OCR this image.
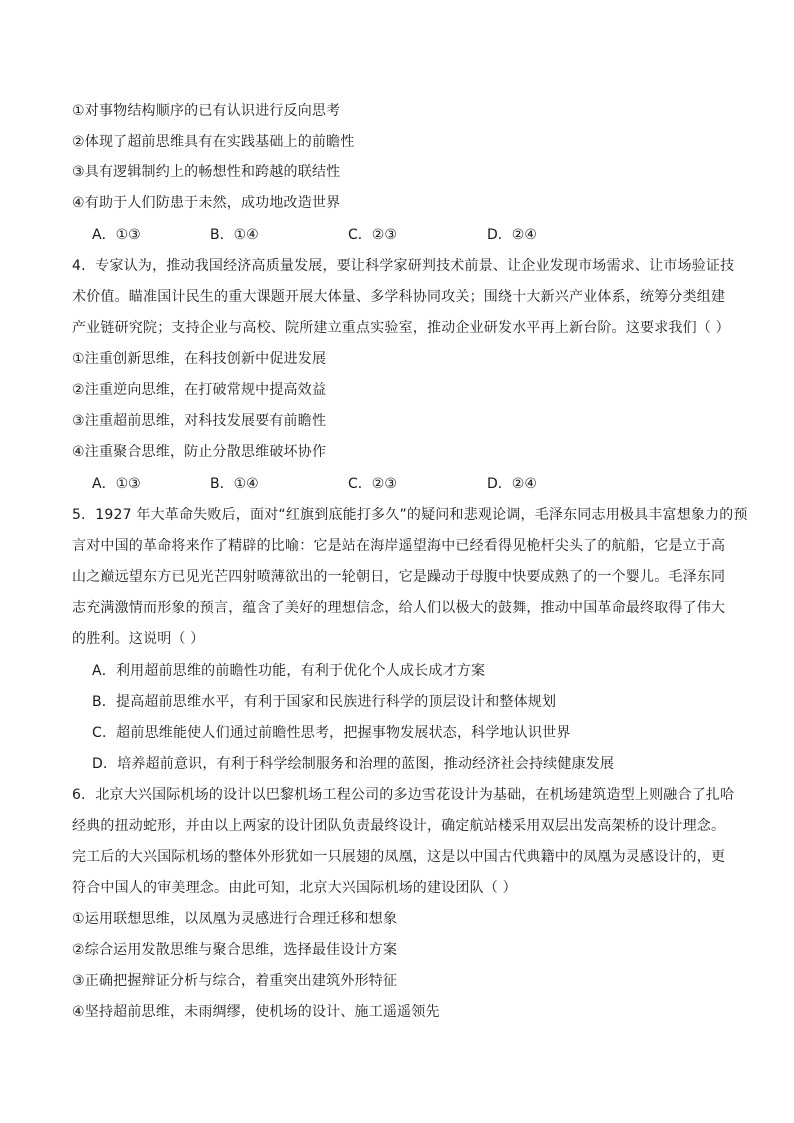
①对事物结构顺序的已有认识进行反向思考
②体现了超前思维具有在实践基础上的前瞻性
③具有逻辑制约上的畅想性和跨越的联结性
④有助于人们防患于未然，成功地改造世界
A．①③	B．①④	C．②③	D．②④
4．专家认为，推动我国经济高质量发展，要让科学家研判技术前景、让企业发现市场需求、让市场验证技
术价值。瞄准国计民生的重大课题开展大体量、多学科协同攻关；围绕十大新兴产业体系，统筹分类组建
产业链研究院；支持企业与高校、院所建立重点实验室，推动企业研发水平再上新台阶。这要求我们（ ）
①注重创新思维，在科技创新中促进发展
②注重逆向思维，在打破常规中提高效益
③注重超前思维，对科技发展要有前瞻性
④注重聚合思维，防止分散思维破坏协作
A．①③	B．①④	C．②③	D．②④
5．1927 年大革命失败后，面对“红旗到底能打多久”的疑问和悲观论调，毛泽东同志用极具丰富想象力的预
言对中国的革命将来作了精辟的比喻：它是站在海岸遥望海中已经看得见桅杆尖头了的航船，它是立于高
山之巅远望东方已见光芒四射喷薄欲出的一轮朝日，它是躁动于母腹中快要成熟了的一个婴儿。毛泽东同
志充满激情而形象的预言，蕴含了美好的理想信念，给人们以极大的鼓舞，推动中国革命最终取得了伟大
的胜利。这说明（ ）
A．利用超前思维的前瞻性功能，有利于优化个人成长成才方案
B．提高超前思维水平，有利于国家和民族进行科学的顶层设计和整体规划
C．超前思维能使人们通过前瞻性思考，把握事物发展状态，科学地认识世界
D．培养超前意识，有利于科学绘制服务和治理的蓝图，推动经济社会持续健康发展
6．北京大兴国际机场的设计以巴黎机场工程公司的多边雪花设计为基础，在机场建筑造型上则融合了扎哈
经典的扭动蛇形，并由以上两家的设计团队负责最终设计，确定航站楼采用双层出发高架桥的设计理念。
完工后的大兴国际机场的整体外形犹如一只展翅的凤凰，这是以中国古代典籍中的凤凰为灵感设计的，更
符合中国人的审美理念。由此可知，北京大兴国际机场的建设团队（ ）
①运用联想思维，以凤凰为灵感进行合理迁移和想象
②综合运用发散思维与聚合思维，选择最佳设计方案
③正确把握辩证分析与综合，着重突出建筑外形特征
④坚持超前思维，未雨绸缪，使机场的设计、施工遥遥领先
